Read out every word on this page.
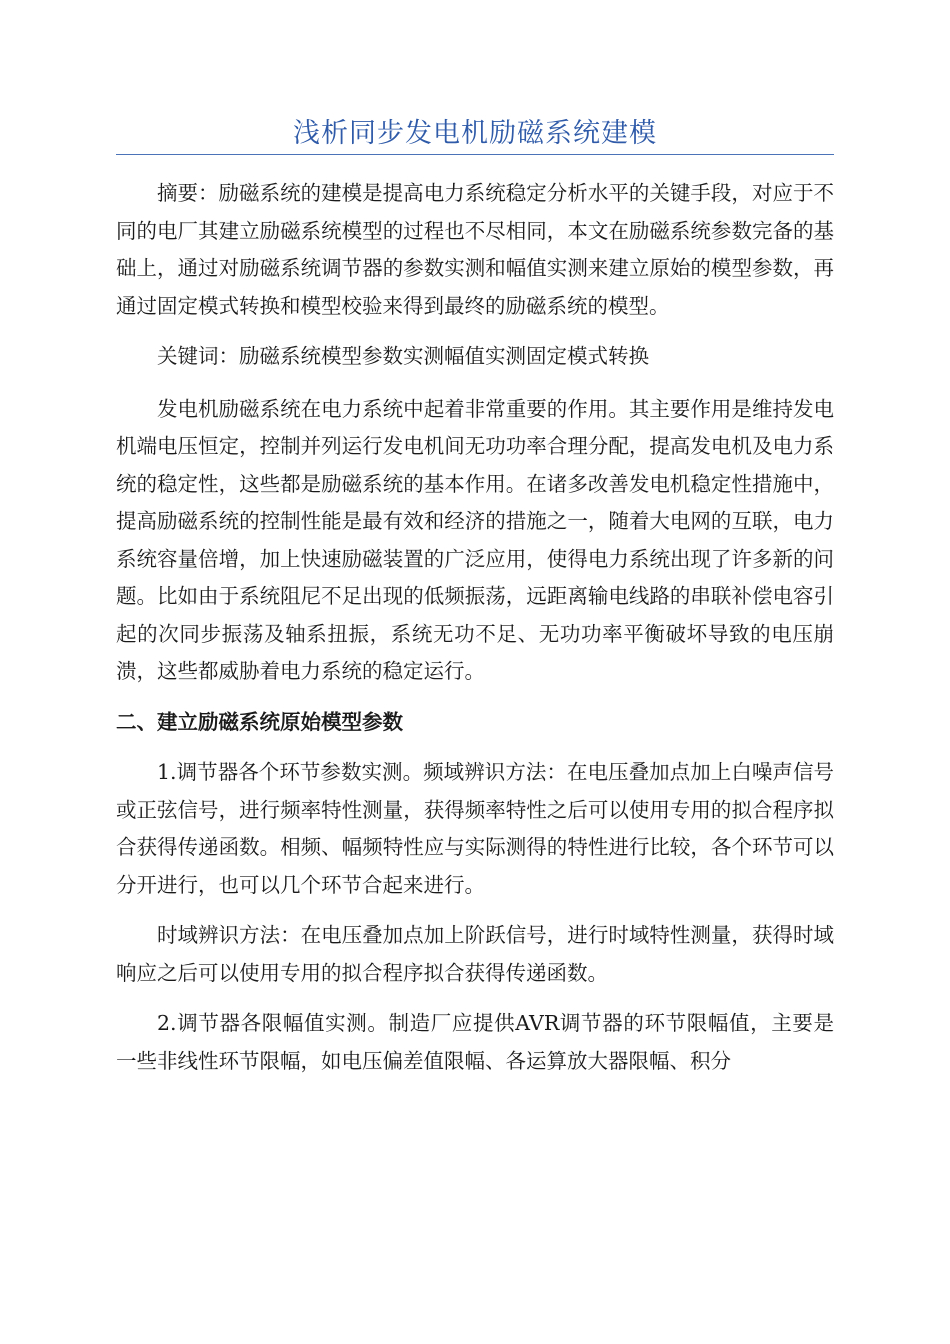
浅析同步发电机励磁系统建模

摘要：励磁系统的建模是提高电力系统稳定分析水平的关键手段，对应于不同的电厂其建立励磁系统模型的过程也不尽相同，本文在励磁系统参数完备的基础上，通过对励磁系统调节器的参数实测和幅值实测来建立原始的模型参数，再通过固定模式转换和模型校验来得到最终的励磁系统的模型。

关键词：励磁系统模型参数实测幅值实测固定模式转换

发电机励磁系统在电力系统中起着非常重要的作用。其主要作用是维持发电机端电压恒定，控制并列运行发电机间无功功率合理分配，提高发电机及电力系统的稳定性，这些都是励磁系统的基本作用。在诸多改善发电机稳定性措施中，提高励磁系统的控制性能是最有效和经济的措施之一，随着大电网的互联，电力系统容量倍增，加上快速励磁装置的广泛应用，使得电力系统出现了许多新的问题。比如由于系统阻尼不足出现的低频振荡，远距离输电线路的串联补偿电容引起的次同步振荡及轴系扭振，系统无功不足、无功功率平衡破坏导致的电压崩溃，这些都威胁着电力系统的稳定运行。

二、建立励磁系统原始模型参数

1.调节器各个环节参数实测。频域辨识方法：在电压叠加点加上白噪声信号或正弦信号，进行频率特性测量，获得频率特性之后可以使用专用的拟合程序拟合获得传递函数。相频、幅频特性应与实际测得的特性进行比较，各个环节可以分开进行，也可以几个环节合起来进行。

时域辨识方法：在电压叠加点加上阶跃信号，进行时域特性测量，获得时域响应之后可以使用专用的拟合程序拟合获得传递函数。

2.调节器各限幅值实测。制造厂应提供AVR调节器的环节限幅值，主要是一些非线性环节限幅，如电压偏差值限幅、各运算放大器限幅、积分
